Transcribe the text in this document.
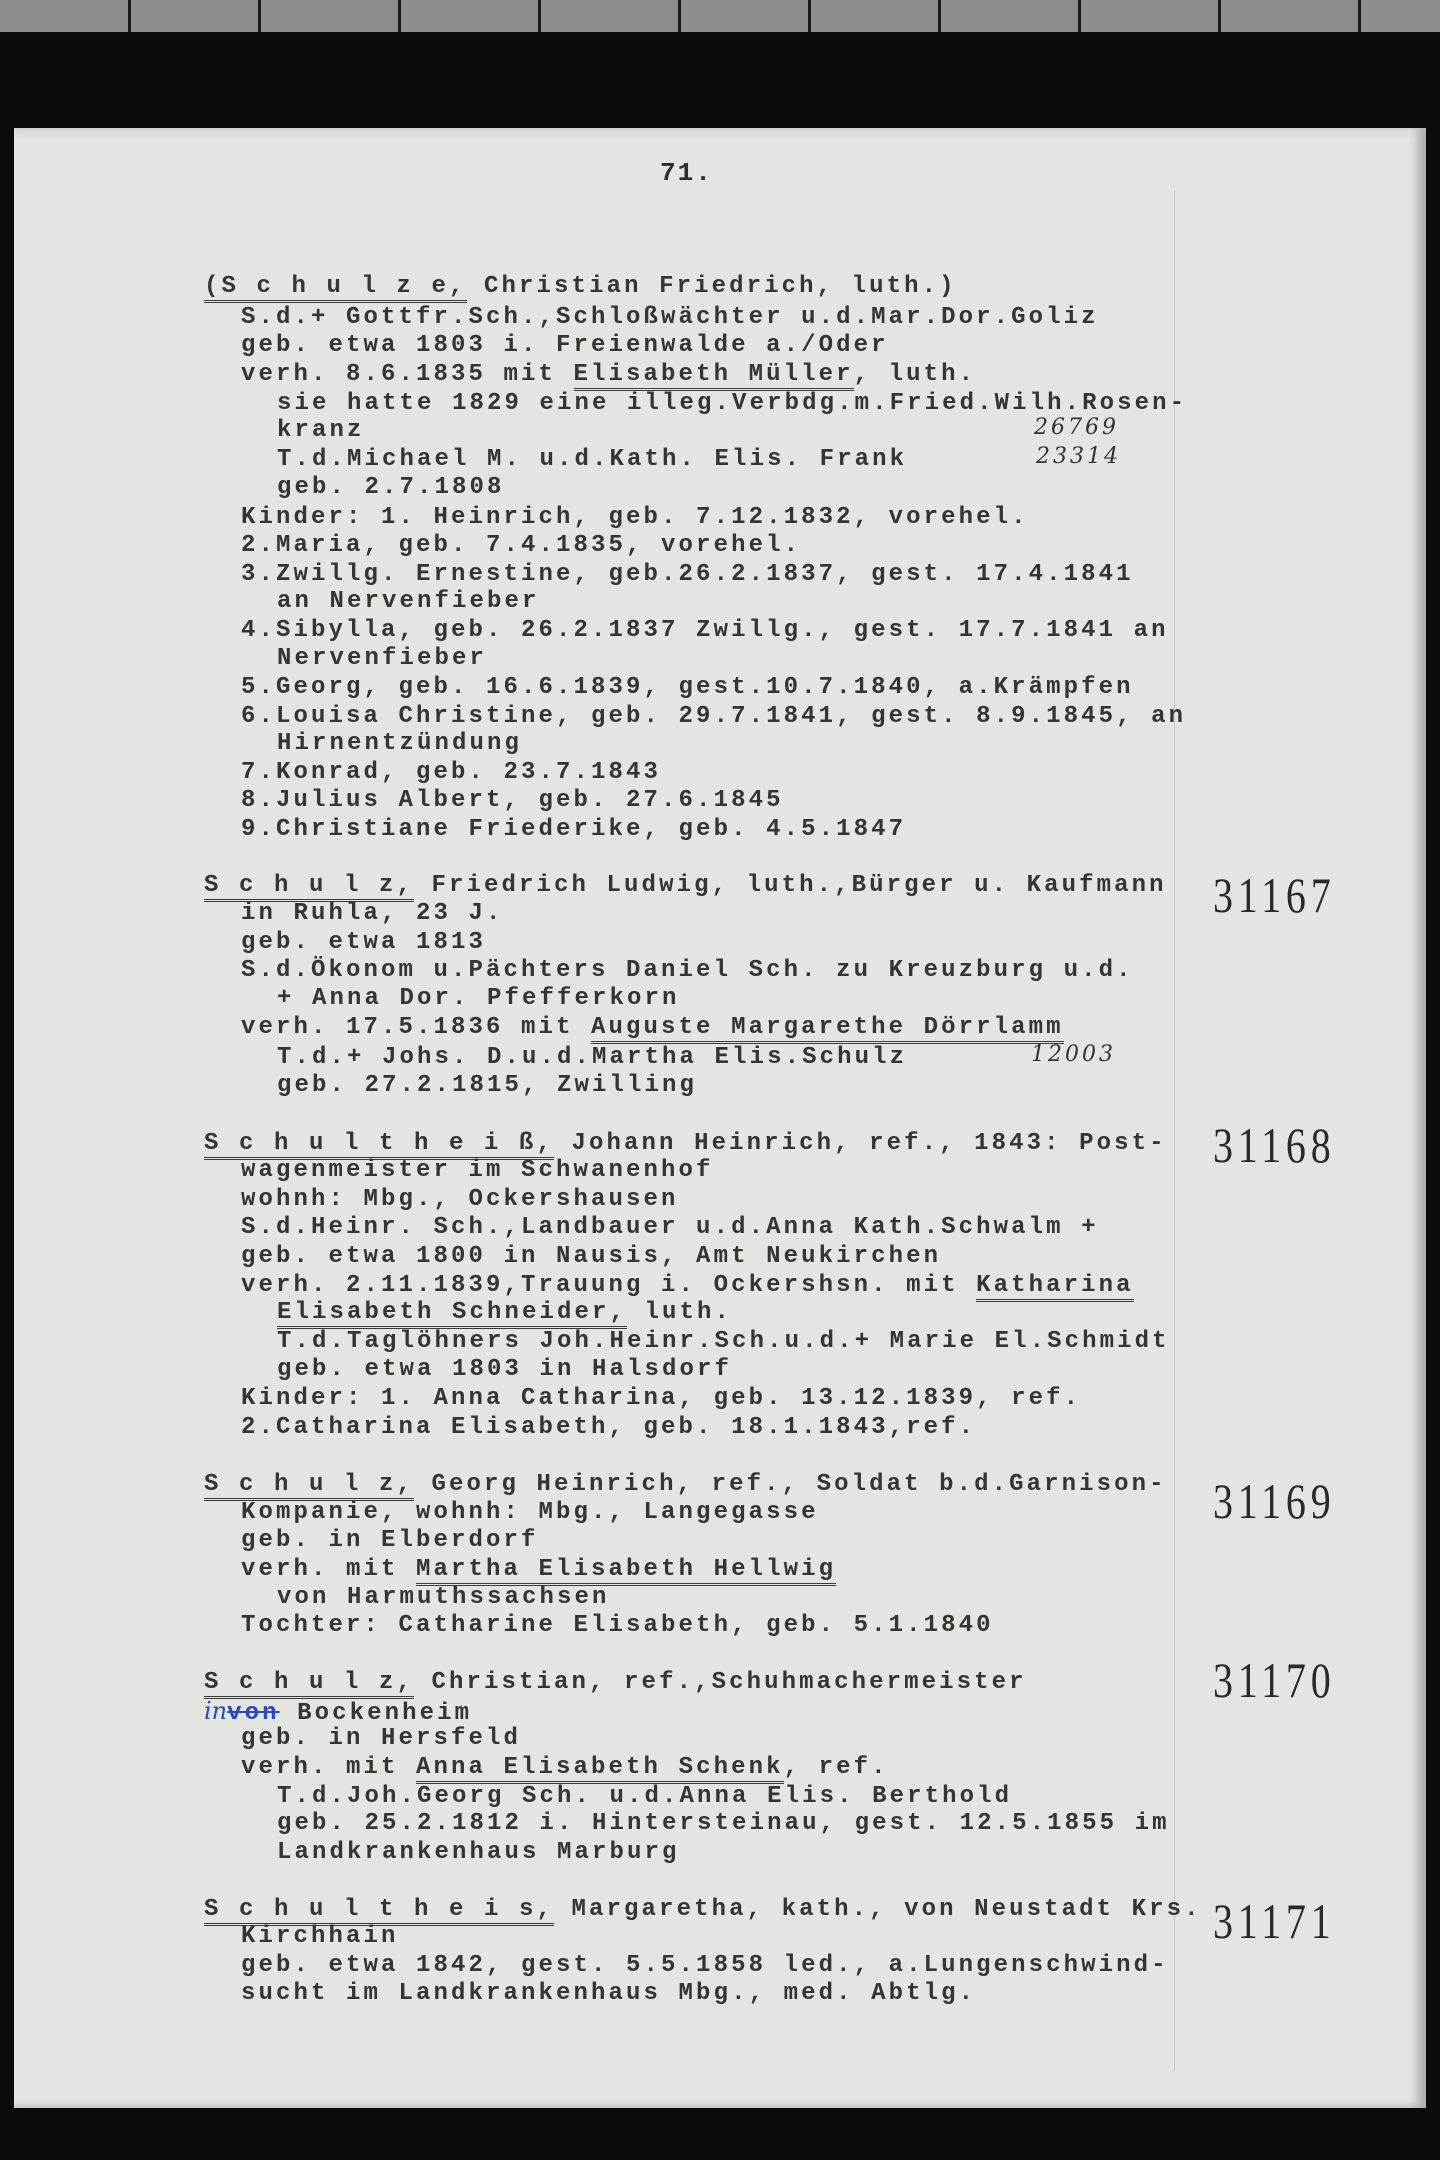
71.
(S c h u l z e, Christian Friedrich, luth.)
S.d.+ Gottfr.Sch.,Schloßwächter u.d.Mar.Dor.Goliz
geb. etwa 1803 i. Freienwalde a./Oder
verh. 8.6.1835 mit Elisabeth Müller, luth.
sie hatte 1829 eine illeg.Verbdg.m.Fried.Wilh.Rosen-
kranz
T.d.Michael M. u.d.Kath. Elis. Frank
geb. 2.7.1808
Kinder: 1. Heinrich, geb. 7.12.1832, vorehel.
2.Maria, geb. 7.4.1835, vorehel.
3.Zwillg. Ernestine, geb.26.2.1837, gest. 17.4.1841
an Nervenfieber
4.Sibylla, geb. 26.2.1837 Zwillg., gest. 17.7.1841 an
Nervenfieber
5.Georg, geb. 16.6.1839, gest.10.7.1840, a.Krämpfen
6.Louisa Christine, geb. 29.7.1841, gest. 8.9.1845, an
Hirnentzündung
7.Konrad, geb. 23.7.1843
8.Julius Albert, geb. 27.6.1845
9.Christiane Friederike, geb. 4.5.1847
26769
23314
S c h u l z, Friedrich Ludwig, luth.,Bürger u. Kaufmann
in Ruhla, 23 J.
geb. etwa 1813
S.d.Ökonom u.Pächters Daniel Sch. zu Kreuzburg u.d.
+ Anna Dor. Pfefferkorn
verh. 17.5.1836 mit Auguste Margarethe Dörrlamm
T.d.+ Johs. D.u.d.Martha Elis.Schulz
geb. 27.2.1815, Zwilling
31167
12003
S c h u l t h e i ß, Johann Heinrich, ref., 1843: Post-
wagenmeister im Schwanenhof
wohnh: Mbg., Ockershausen
S.d.Heinr. Sch.,Landbauer u.d.Anna Kath.Schwalm +
geb. etwa 1800 in Nausis, Amt Neukirchen
verh. 2.11.1839,Trauung i. Ockershsn. mit Katharina
Elisabeth Schneider, luth.
T.d.Taglöhners Joh.Heinr.Sch.u.d.+ Marie El.Schmidt
geb. etwa 1803 in Halsdorf
Kinder: 1. Anna Catharina, geb. 13.12.1839, ref.
2.Catharina Elisabeth, geb. 18.1.1843,ref.
31168
S c h u l z, Georg Heinrich, ref., Soldat b.d.Garnison-
Kompanie, wohnh: Mbg., Langegasse
geb. in Elberdorf
verh. mit Martha Elisabeth Hellwig
von Harmuthssachsen
Tochter: Catharine Elisabeth, geb. 5.1.1840
31169
S c h u l z, Christian, ref.,Schuhmachermeister
invon Bockenheim
geb. in Hersfeld
verh. mit Anna Elisabeth Schenk, ref.
T.d.Joh.Georg Sch. u.d.Anna Elis. Berthold
geb. 25.2.1812 i. Hintersteinau, gest. 12.5.1855 im
Landkrankenhaus Marburg
31170
S c h u l t h e i s, Margaretha, kath., von Neustadt Krs.
Kirchhain
geb. etwa 1842, gest. 5.5.1858 led., a.Lungenschwind-
sucht im Landkrankenhaus Mbg., med. Abtlg.
31171
